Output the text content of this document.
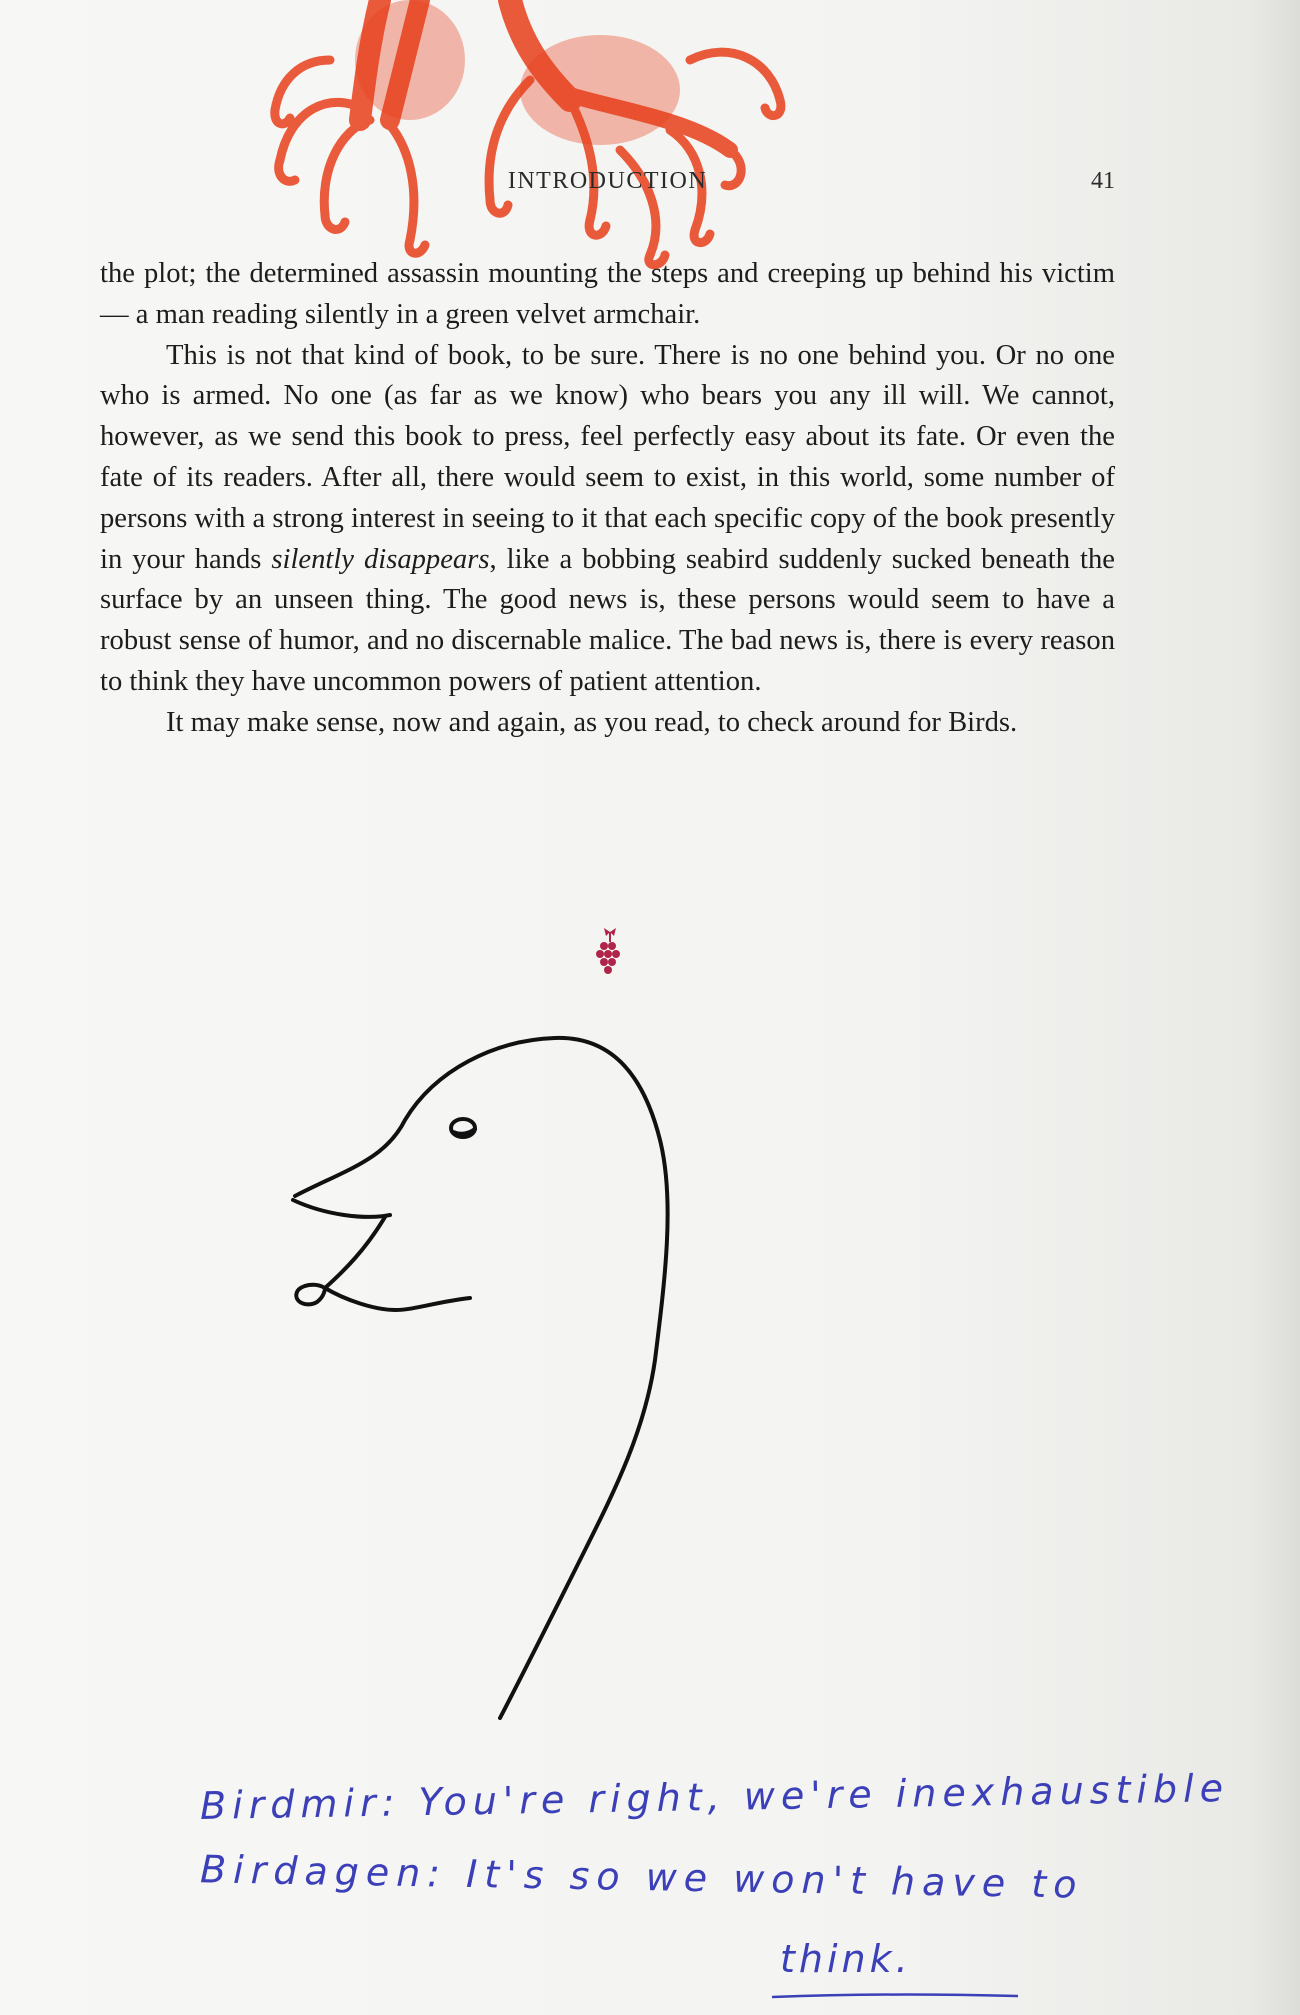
INTRODUCTION	41

the plot; the determined assassin mounting the steps and creeping up behind his victim — a man reading silently in a green velvet armchair.

This is not that kind of book, to be sure. There is no one behind you. Or no one who is armed. No one (as far as we know) who bears you any ill will. We cannot, however, as we send this book to press, feel perfectly easy about its fate. Or even the fate of its readers. After all, there would seem to exist, in this world, some number of persons with a strong interest in seeing to it that each specific copy of the book presently in your hands silently disappears, like a bobbing seabird suddenly sucked beneath the surface by an unseen thing. The good news is, these persons would seem to have a robust sense of humor, and no discernable malice. The bad news is, there is every reason to think they have uncommon powers of patient attention.

It may make sense, now and again, as you read, to check around for Birds.

Birdmir: You're right, we're inexhaustible
Birdagen: It's so we won't have to
think.
